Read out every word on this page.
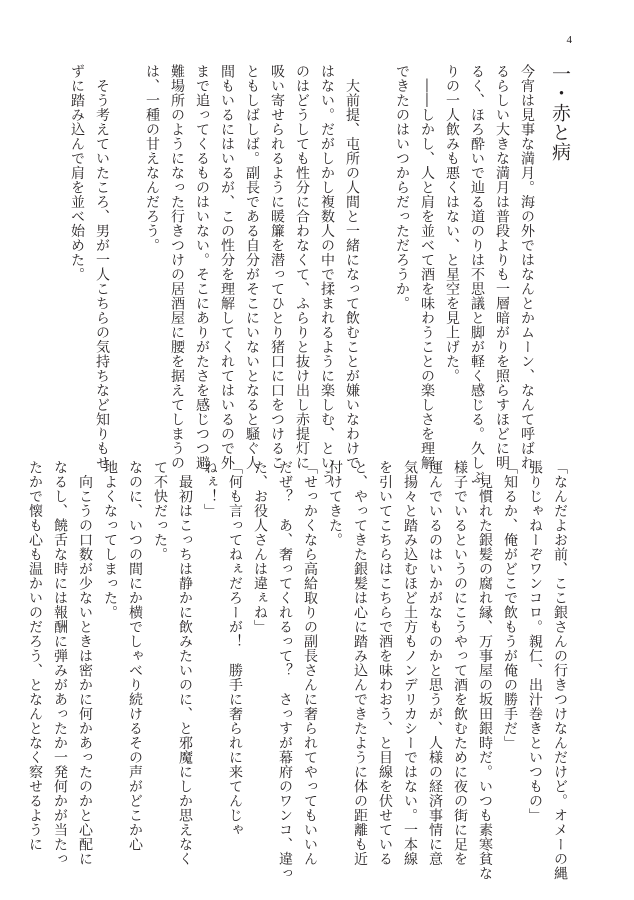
4

一・赤と病

今宵は見事な満月。海の外ではなんとかムーン、なんて呼ばれ

るらしい大きな満月は普段よりも一層暗がりを照らすほどに明

るく、ほろ酔いで辿る道のりは不思議と脚が軽く感じる。久しぶ

りの一人飲みも悪くはない、と星空を見上げた。

　――しかし、人と肩を並べて酒を味わうことの楽しさを理解

できたのはいつからだっただろうか。

　大前提、屯所の人間と一緒になって飲むことが嫌いなわけで

はない。だがしかし複数人の中で揉まれるように楽しむ、という

のはどうしても性分に合わなくて、ふらりと抜け出し赤提灯に

吸い寄せられるように暖簾を潜ってひとり猪口に口をつけるこ

ともしばしば。副長である自分がそこにいないとなると騒ぐ人

間もいるにはいるが、この性分を理解してくれてはいるので外

まで追ってくるものはいない。そこにありがたさを感じつつ避

難場所のようになった行きつけの居酒屋に腰を据えてしまうの

は、一種の甘えなんだろう。

　そう考えていたころ、男が一人こちらの気持ちなど知りもせ

ずに踏み込んで肩を並べ始めた。

「なんだよお前、ここ銀さんの行きつけなんだけど。オメーの縄

張りじゃねーぞワンコロ。親仁、出汁巻きといつもの」

「知るか、俺がどこで飲もうが俺の勝手だ」

　見慣れた銀髪の腐れ縁、万事屋の坂田銀時だ。いつも素寒貧な

様子でいるというのにこうやって酒を飲むために夜の街に足を

運んでいるのはいかがなものかと思うが、人様の経済事情に意

気揚々と踏み込むほど土方もノンデリカシーではない。一本線

を引いてこちらはこちらで酒を味わおう、と目線を伏せている

と、やってきた銀髪は心に踏み込んできたように体の距離も近

付けてきた。

「せっかくなら高給取りの副長さんに奢られてやってもいいん

だぜ？　あ、奢ってくれるって？　さっすが幕府のワンコ、違っ

た、お役人さんは違ぇね」

「何も言ってねぇだろーが！　勝手に奢られに来てんじゃ

ねぇ！」

　最初はこっちは静かに飲みたいのに、と邪魔にしか思えなく

て不快だった。

なのに、いつの間にか横でしゃべり続けるその声がどこか心

地よくなってしまった。

　向こうの口数が少ないときは密かに何かあったのかと心配に

なるし、饒舌な時には報酬に弾みがあったか一発何かが当たっ

たかで懐も心も温かいのだろう、となんとなく察せるように
